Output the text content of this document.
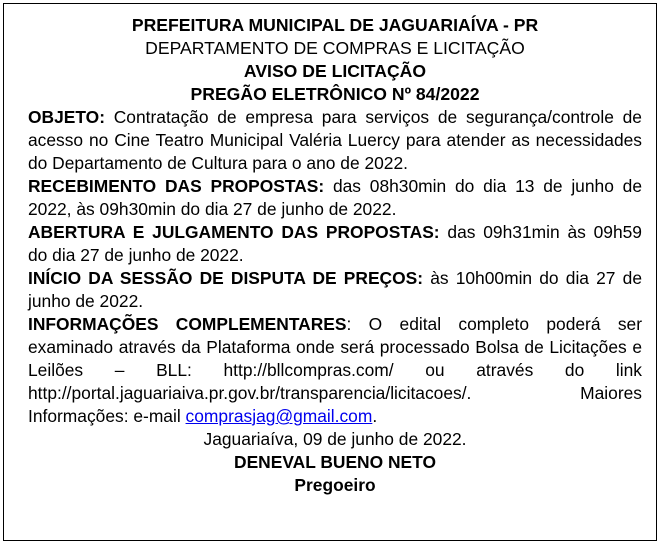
PREFEITURA MUNICIPAL DE JAGUARIAÍVA - PR

DEPARTAMENTO DE COMPRAS E LICITAÇÃO

AVISO DE LICITAÇÃO

PREGÃO ELETRÔNICO Nº 84/2022

OBJETO: Contratação de empresa para serviços de segurança/controle de acesso no Cine Teatro Municipal Valéria Luercy para atender as necessidades do Departamento de Cultura para o ano de 2022.

RECEBIMENTO DAS PROPOSTAS: das 08h30min do dia 13 de junho de 2022, às 09h30min do dia 27 de junho de 2022.

ABERTURA E JULGAMENTO DAS PROPOSTAS: das 09h31min às 09h59 do dia 27 de junho de 2022.

INÍCIO DA SESSÃO DE DISPUTA DE PREÇOS: às 10h00min do dia 27 de junho de 2022.

INFORMAÇÕES COMPLEMENTARES: O edital completo poderá ser examinado através da Plataforma onde será processado Bolsa de Licitações e Leilões – BLL: http://bllcompras.com/ ou através do link http://portal.jaguariaiva.pr.gov.br/transparencia/licitacoes/. Maiores Informações: e-mail comprasjag@gmail.com.

Jaguariaíva, 09 de junho de 2022.

DENEVAL BUENO NETO

Pregoeiro
